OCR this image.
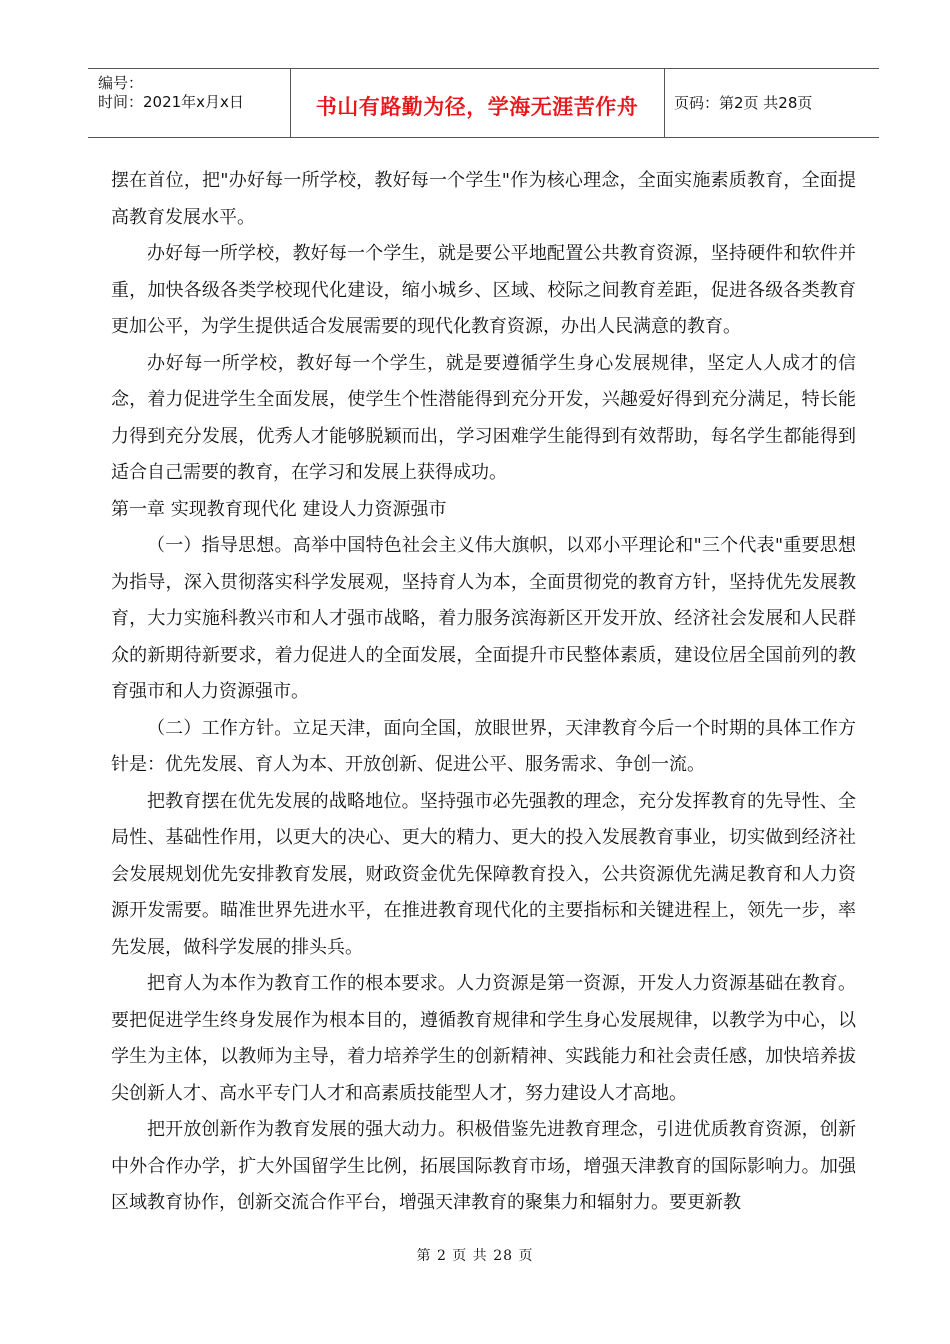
编号：
时间：2021年x月x日	书山有路勤为径，学海无涯苦作舟	页码：第2页 共28页

摆在首位，把"办好每一所学校，教好每一个学生"作为核心理念，全面实施素质教育，全面提高教育发展水平。

办好每一所学校，教好每一个学生，就是要公平地配置公共教育资源，坚持硬件和软件并重，加快各级各类学校现代化建设，缩小城乡、区域、校际之间教育差距，促进各级各类教育更加公平，为学生提供适合发展需要的现代化教育资源，办出人民满意的教育。

办好每一所学校，教好每一个学生，就是要遵循学生身心发展规律，坚定人人成才的信念，着力促进学生全面发展，使学生个性潜能得到充分开发，兴趣爱好得到充分满足，特长能力得到充分发展，优秀人才能够脱颖而出，学习困难学生能得到有效帮助，每名学生都能得到适合自己需要的教育，在学习和发展上获得成功。

第一章 实现教育现代化 建设人力资源强市

（一）指导思想。高举中国特色社会主义伟大旗帜，以邓小平理论和"三个代表"重要思想为指导，深入贯彻落实科学发展观，坚持育人为本，全面贯彻党的教育方针，坚持优先发展教育，大力实施科教兴市和人才强市战略，着力服务滨海新区开发开放、经济社会发展和人民群众的新期待新要求，着力促进人的全面发展，全面提升市民整体素质，建设位居全国前列的教育强市和人力资源强市。

（二）工作方针。立足天津，面向全国，放眼世界，天津教育今后一个时期的具体工作方针是：优先发展、育人为本、开放创新、促进公平、服务需求、争创一流。

把教育摆在优先发展的战略地位。坚持强市必先强教的理念，充分发挥教育的先导性、全局性、基础性作用，以更大的决心、更大的精力、更大的投入发展教育事业，切实做到经济社会发展规划优先安排教育发展，财政资金优先保障教育投入，公共资源优先满足教育和人力资源开发需要。瞄准世界先进水平，在推进教育现代化的主要指标和关键进程上，领先一步，率先发展，做科学发展的排头兵。

把育人为本作为教育工作的根本要求。人力资源是第一资源，开发人力资源基础在教育。要把促进学生终身发展作为根本目的，遵循教育规律和学生身心发展规律，以教学为中心，以学生为主体，以教师为主导，着力培养学生的创新精神、实践能力和社会责任感，加快培养拔尖创新人才、高水平专门人才和高素质技能型人才，努力建设人才高地。

把开放创新作为教育发展的强大动力。积极借鉴先进教育理念，引进优质教育资源，创新中外合作办学，扩大外国留学生比例，拓展国际教育市场，增强天津教育的国际影响力。加强区域教育协作，创新交流合作平台，增强天津教育的聚集力和辐射力。要更新教

第 2 页 共 28 页
